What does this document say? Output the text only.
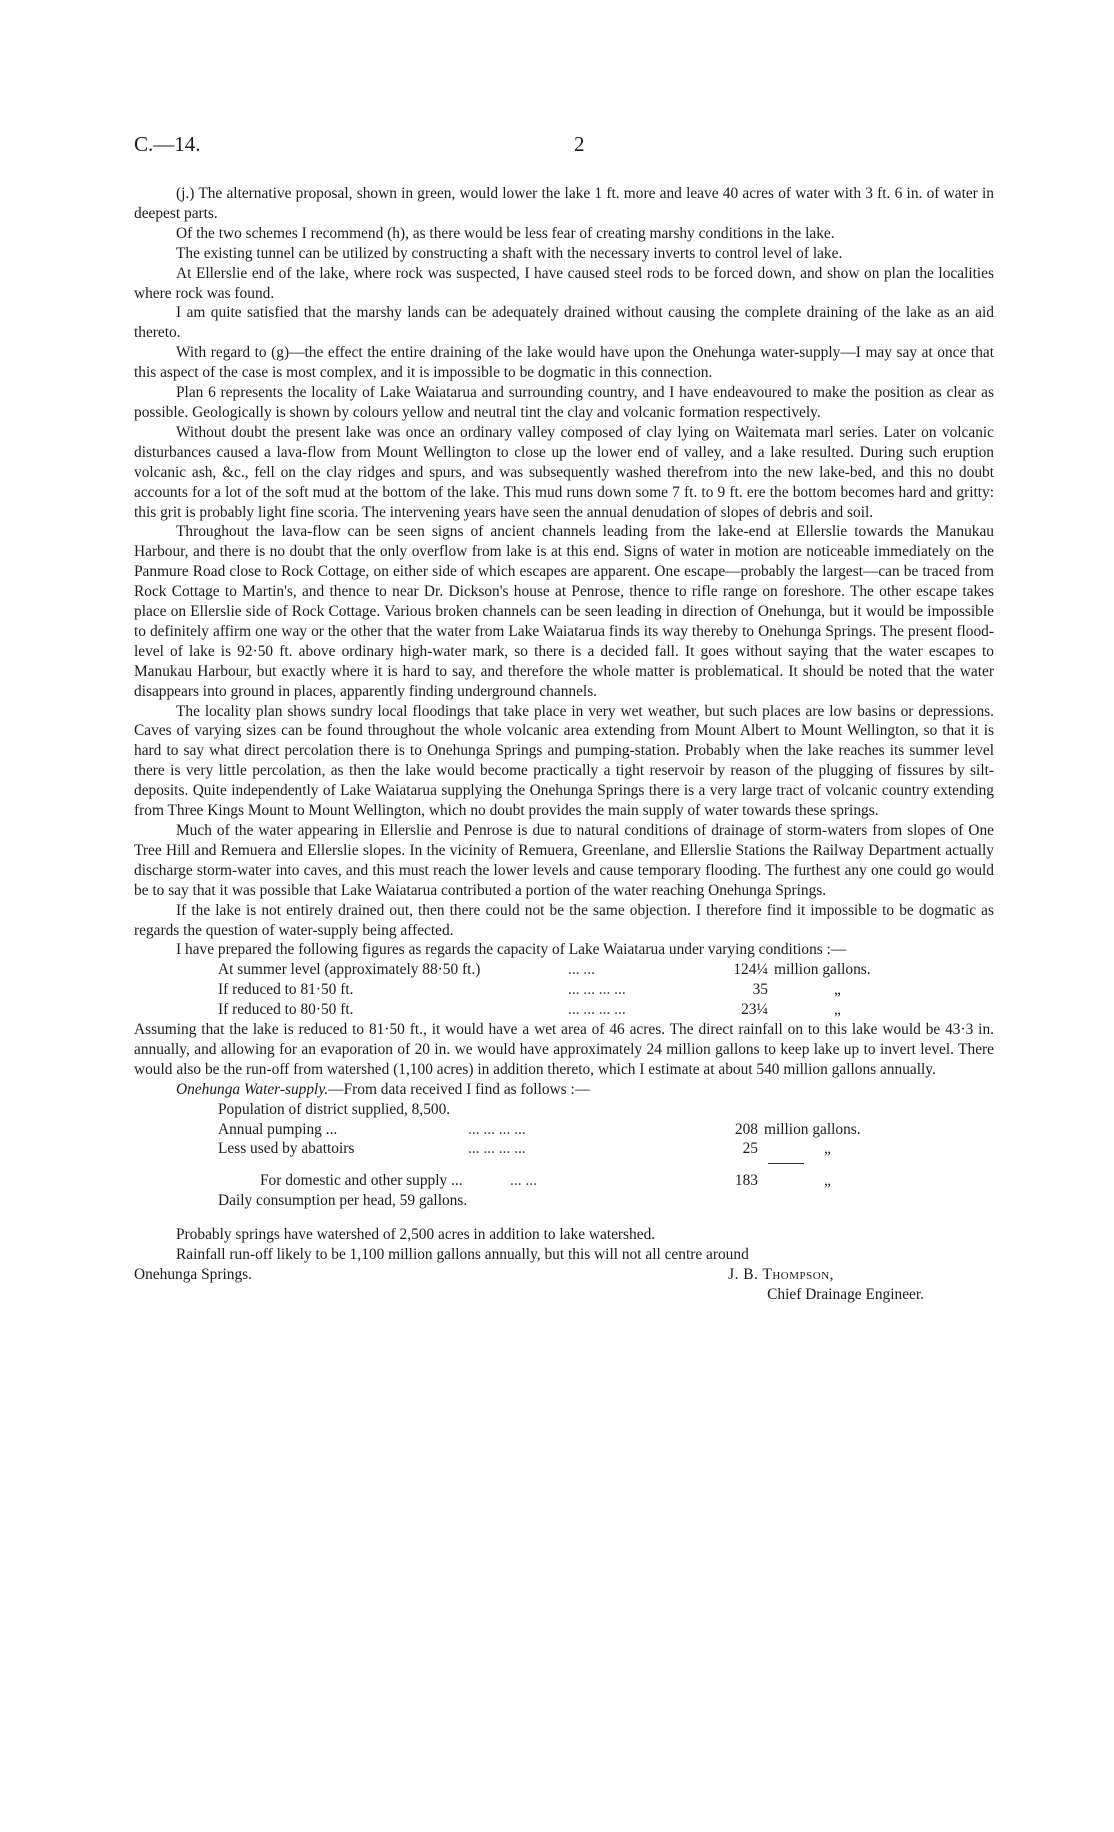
C.—14.	2

(j.) The alternative proposal, shown in green, would lower the lake 1 ft. more and leave 40 acres of water with 3 ft. 6 in. of water in deepest parts.

Of the two schemes I recommend (h), as there would be less fear of creating marshy conditions in the lake.

The existing tunnel can be utilized by constructing a shaft with the necessary inverts to control level of lake.

At Ellerslie end of the lake, where rock was suspected, I have caused steel rods to be forced down, and show on plan the localities where rock was found.

I am quite satisfied that the marshy lands can be adequately drained without causing the complete draining of the lake as an aid thereto.

With regard to (g)—the effect the entire draining of the lake would have upon the Onehunga water-supply—I may say at once that this aspect of the case is most complex, and it is impossible to be dogmatic in this connection.

Plan 6 represents the locality of Lake Waiatarua and surrounding country, and I have endeavoured to make the position as clear as possible. Geologically is shown by colours yellow and neutral tint the clay and volcanic formation respectively.

Without doubt the present lake was once an ordinary valley composed of clay lying on Waitemata marl series. Later on volcanic disturbances caused a lava-flow from Mount Wellington to close up the lower end of valley, and a lake resulted. During such eruption volcanic ash, &c., fell on the clay ridges and spurs, and was subsequently washed therefrom into the new lake-bed, and this no doubt accounts for a lot of the soft mud at the bottom of the lake. This mud runs down some 7 ft. to 9 ft. ere the bottom becomes hard and gritty: this grit is probably light fine scoria. The intervening years have seen the annual denudation of slopes of debris and soil.

Throughout the lava-flow can be seen signs of ancient channels leading from the lake-end at Ellerslie towards the Manukau Harbour, and there is no doubt that the only overflow from lake is at this end. Signs of water in motion are noticeable immediately on the Panmure Road close to Rock Cottage, on either side of which escapes are apparent. One escape—probably the largest—can be traced from Rock Cottage to Martin's, and thence to near Dr. Dickson's house at Penrose, thence to rifle range on foreshore. The other escape takes place on Ellerslie side of Rock Cottage. Various broken channels can be seen leading in direction of Onehunga, but it would be impossible to definitely affirm one way or the other that the water from Lake Waiatarua finds its way thereby to Onehunga Springs. The present flood-level of lake is 92·50 ft. above ordinary high-water mark, so there is a decided fall. It goes without saying that the water escapes to Manukau Harbour, but exactly where it is hard to say, and therefore the whole matter is problematical. It should be noted that the water disappears into ground in places, apparently finding underground channels.

The locality plan shows sundry local floodings that take place in very wet weather, but such places are low basins or depressions. Caves of varying sizes can be found throughout the whole volcanic area extending from Mount Albert to Mount Wellington, so that it is hard to say what direct percolation there is to Onehunga Springs and pumping-station. Probably when the lake reaches its summer level there is very little percolation, as then the lake would become practically a tight reservoir by reason of the plugging of fissures by silt-deposits. Quite independently of Lake Waiatarua supplying the Onehunga Springs there is a very large tract of volcanic country extending from Three Kings Mount to Mount Wellington, which no doubt provides the main supply of water towards these springs.

Much of the water appearing in Ellerslie and Penrose is due to natural conditions of drainage of storm-waters from slopes of One Tree Hill and Remuera and Ellerslie slopes. In the vicinity of Remuera, Greenlane, and Ellerslie Stations the Railway Department actually discharge storm-water into caves, and this must reach the lower levels and cause temporary flooding. The furthest any one could go would be to say that it was possible that Lake Waiatarua contributed a portion of the water reaching Onehunga Springs.

If the lake is not entirely drained out, then there could not be the same objection. I therefore find it impossible to be dogmatic as regards the question of water-supply being affected.

I have prepared the following figures as regards the capacity of Lake Waiatarua under varying conditions :—

At summer level (approximately 88·50 ft.)	... ...	124¼ million gallons.
If reduced to 81·50 ft.	... ... ... ...	35	„
If reduced to 80·50 ft.	... ... ... ...	23¼	„

Assuming that the lake is reduced to 81·50 ft., it would have a wet area of 46 acres. The direct rainfall on to this lake would be 43·3 in. annually, and allowing for an evaporation of 20 in. we would have approximately 24 million gallons to keep lake up to invert level. There would also be the run-off from watershed (1,100 acres) in addition thereto, which I estimate at about 540 million gallons annually.

Onehunga Water-supply.—From data received I find as follows :—

Population of district supplied, 8,500.
Annual pumping ...	... ... ... ...	208 million gallons.
Less used by abattoirs	... ... ... ...	25	„
For domestic and other supply ...	... ...	183	„
Daily consumption per head, 59 gallons.

Probably springs have watershed of 2,500 acres in addition to lake watershed.

Rainfall run-off likely to be 1,100 million gallons annually, but this will not all centre around

Onehunga Springs.	J. B. Thompson,
Chief Drainage Engineer.
